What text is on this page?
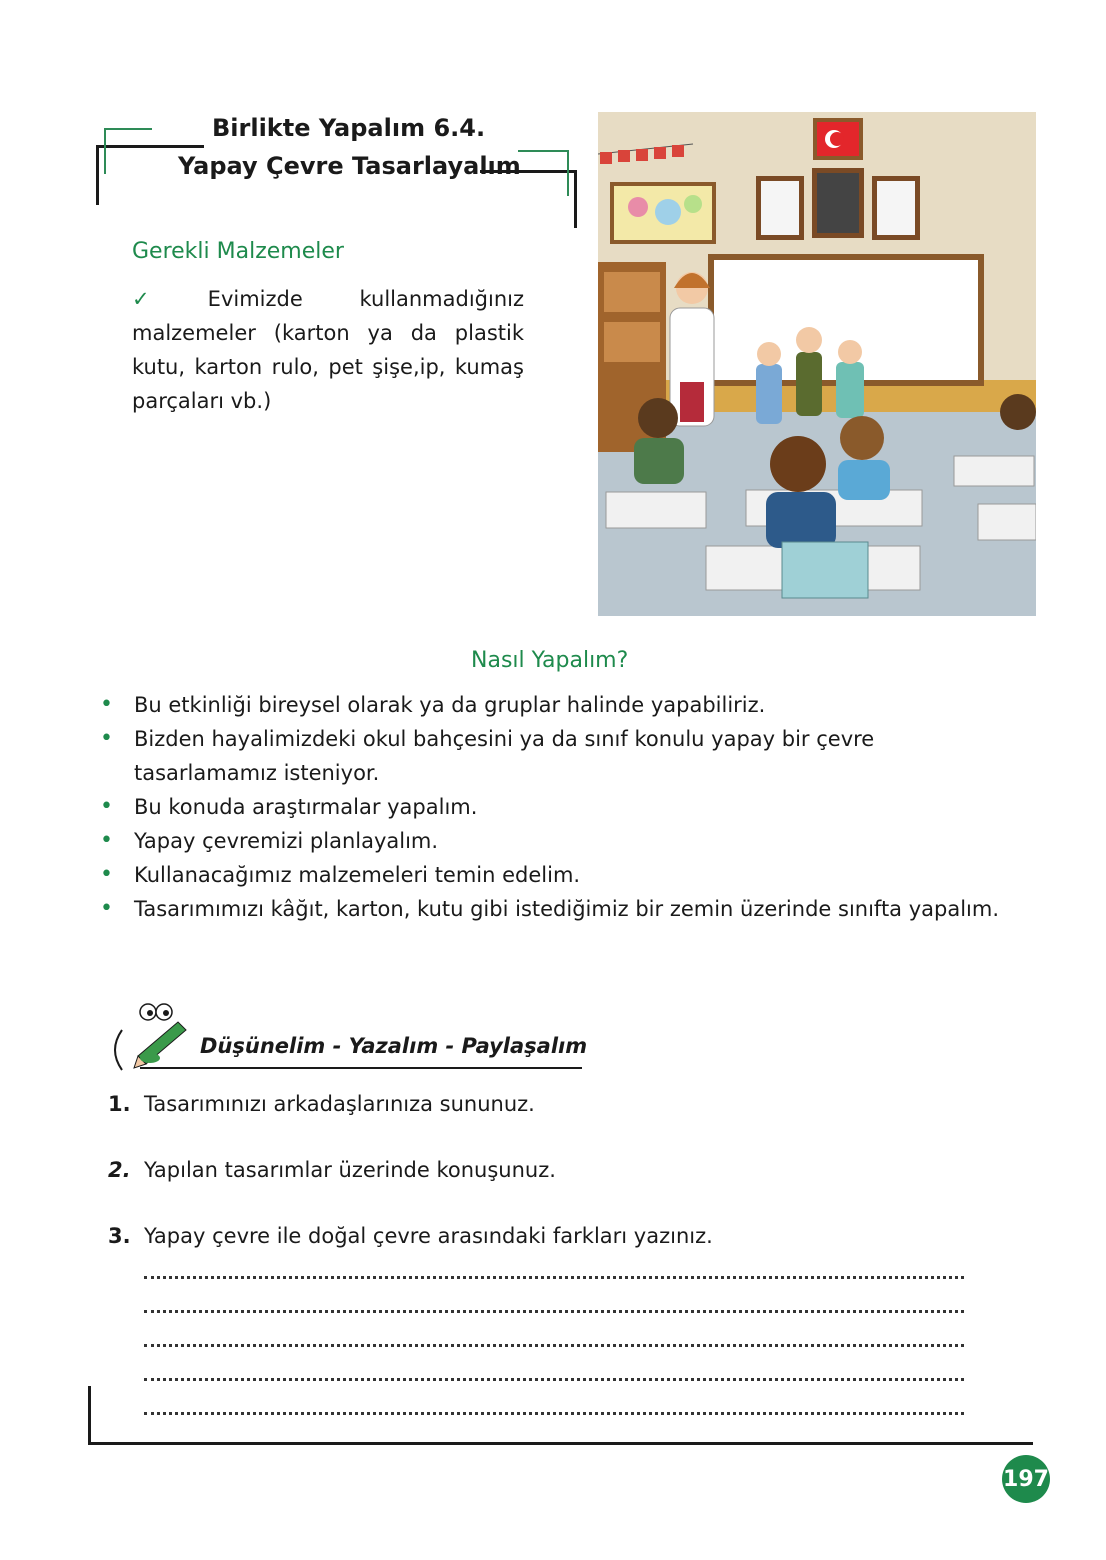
Birlikte Yapalım 6.4.
Yapay Çevre Tasarlayalım
Gerekli Malzemeler
✓ Evimizde kullanmadığınız malzemeler (karton ya da plastik kutu, karton rulo, pet şişe,ip, kumaş parçaları vb.)
Nasıl Yapalım?
• Bu etkinliği bireysel olarak ya da gruplar halinde yapabiliriz.
• Bizden hayalimizdeki okul bahçesini ya da sınıf konulu yapay bir çevre tasarlamamız isteniyor.
• Bu konuda araştırmalar yapalım.
• Yapay çevremizi planlayalım.
• Kullanacağımız malzemeleri temin edelim.
• Tasarımımızı kâğıt, karton, kutu gibi istediğimiz bir zemin üzerinde sınıfta yapalım.
Düşünelim - Yazalım - Paylaşalım
1. Tasarımınızı arkadaşlarınıza sununuz.
2. Yapılan tasarımlar üzerinde konuşunuz.
3. Yapay çevre ile doğal çevre arasındaki farkları yazınız.
197
